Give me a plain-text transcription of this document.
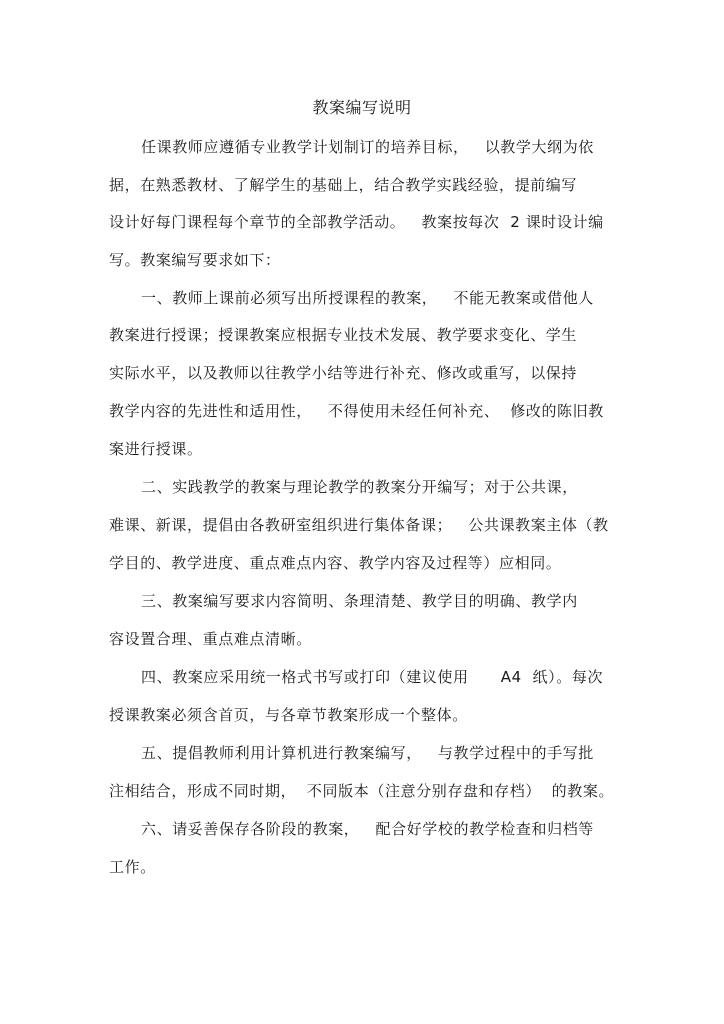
教案编写说明
任课教师应遵循专业教学计划制订的培养目标，   以教学大纲为依
据，在熟悉教材、了解学生的基础上，结合教学实践经验，提前编写
设计好每门课程每个章节的全部教学活动。   教案按每次  2 课时设计编
写。教案编写要求如下：
一、教师上课前必须写出所授课程的教案，   不能无教案或借他人
教案进行授课；授课教案应根据专业技术发展、教学要求变化、学生
实际水平，以及教师以往教学小结等进行补充、修改或重写，以保持
教学内容的先进性和适用性，   不得使用未经任何补充、  修改的陈旧教
案进行授课。
二、实践教学的教案与理论教学的教案分开编写；对于公共课，
难课、新课，提倡由各教研室组织进行集体备课；   公共课教案主体（教
学目的、教学进度、重点难点内容、教学内容及过程等）应相同。
三、教案编写要求内容简明、条理清楚、教学目的明确、教学内
容设置合理、重点难点清晰。
四、教案应采用统一格式书写或打印（建议使用      A4  纸）。每次
授课教案必须含首页，与各章节教案形成一个整体。
五、提倡教师利用计算机进行教案编写，   与教学过程中的手写批
注相结合，形成不同时期，  不同版本（注意分别存盘和存档）  的教案。
六、请妥善保存各阶段的教案，   配合好学校的教学检查和归档等
工作。
